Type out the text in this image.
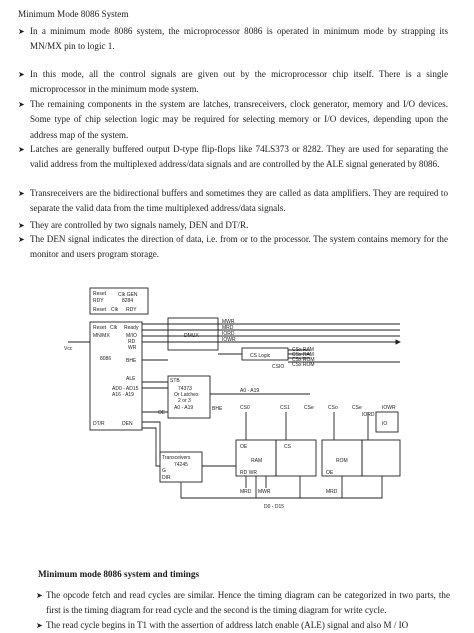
Minimum Mode 8086 System
➤ In a minimum mode 8086 system, the microprocessor 8086 is operated in minimum mode by strapping its MN/MX pin to logic 1.
➤ In this mode, all the control signals are given out by the microprocessor chip itself. There is a single microprocessor in the minimum mode system.
➤ The remaining components in the system are latches, transreceivers, clock generator, memory and I/O devices. Some type of chip selection logic may be required for selecting memory or I/O devices, depending upon the address map of the system.
➤ Latches are generally buffered output D-type flip-flops like 74LS373 or 8282. They are used for separating the valid address from the multiplexed address/data signals and are controlled by the ALE signal generated by 8086.
➤ Transreceivers are the bidirectional buffers and sometimes they are called as data amplifiers. They are required to separate the valid data from the time multiplexed address/data signals.
➤ They are controlled by two signals namely, DEN and DT/R.
➤ The DEN signal indicates the direction of data, i.e. from or to the processor. The system contains memory for the monitor and users program storage.
Reset
RDY
Clk GEN
8284
Reset Clk RDY
Reset Clk Ready
MN/MX	M/IO
RD
WR
ALE
BHE
AD0 - AD15
A16 - A19
DT/R	DEN
8086
Vcc
MWR
MRD
IORD
IOWR
DMUX
CS Logic
CSx RAM
CSx RAM
CSx ROM
CSx ROM
CSIO
A0 - A19
STB
74373
Or Latches
2 or 3
A0 - A19	BHE
OE
Transceivers
74245
G
DIR
CS0	CS1	CSe	CSo	CSe
IORD
IOWR
RAM
OE	CS
RD WR
ROM
OE
IO
MRD MWR	MRD
D0 - D15
Minimum mode 8086 system and timings
➤ The opcode fetch and read cycles are similar. Hence the timing diagram can be categorized in two parts, the first is the timing diagram for read cycle and the second is the timing diagram for write cycle.
➤ The read cycle begins in T1 with the assertion of address latch enable (ALE) signal and also M / IO
